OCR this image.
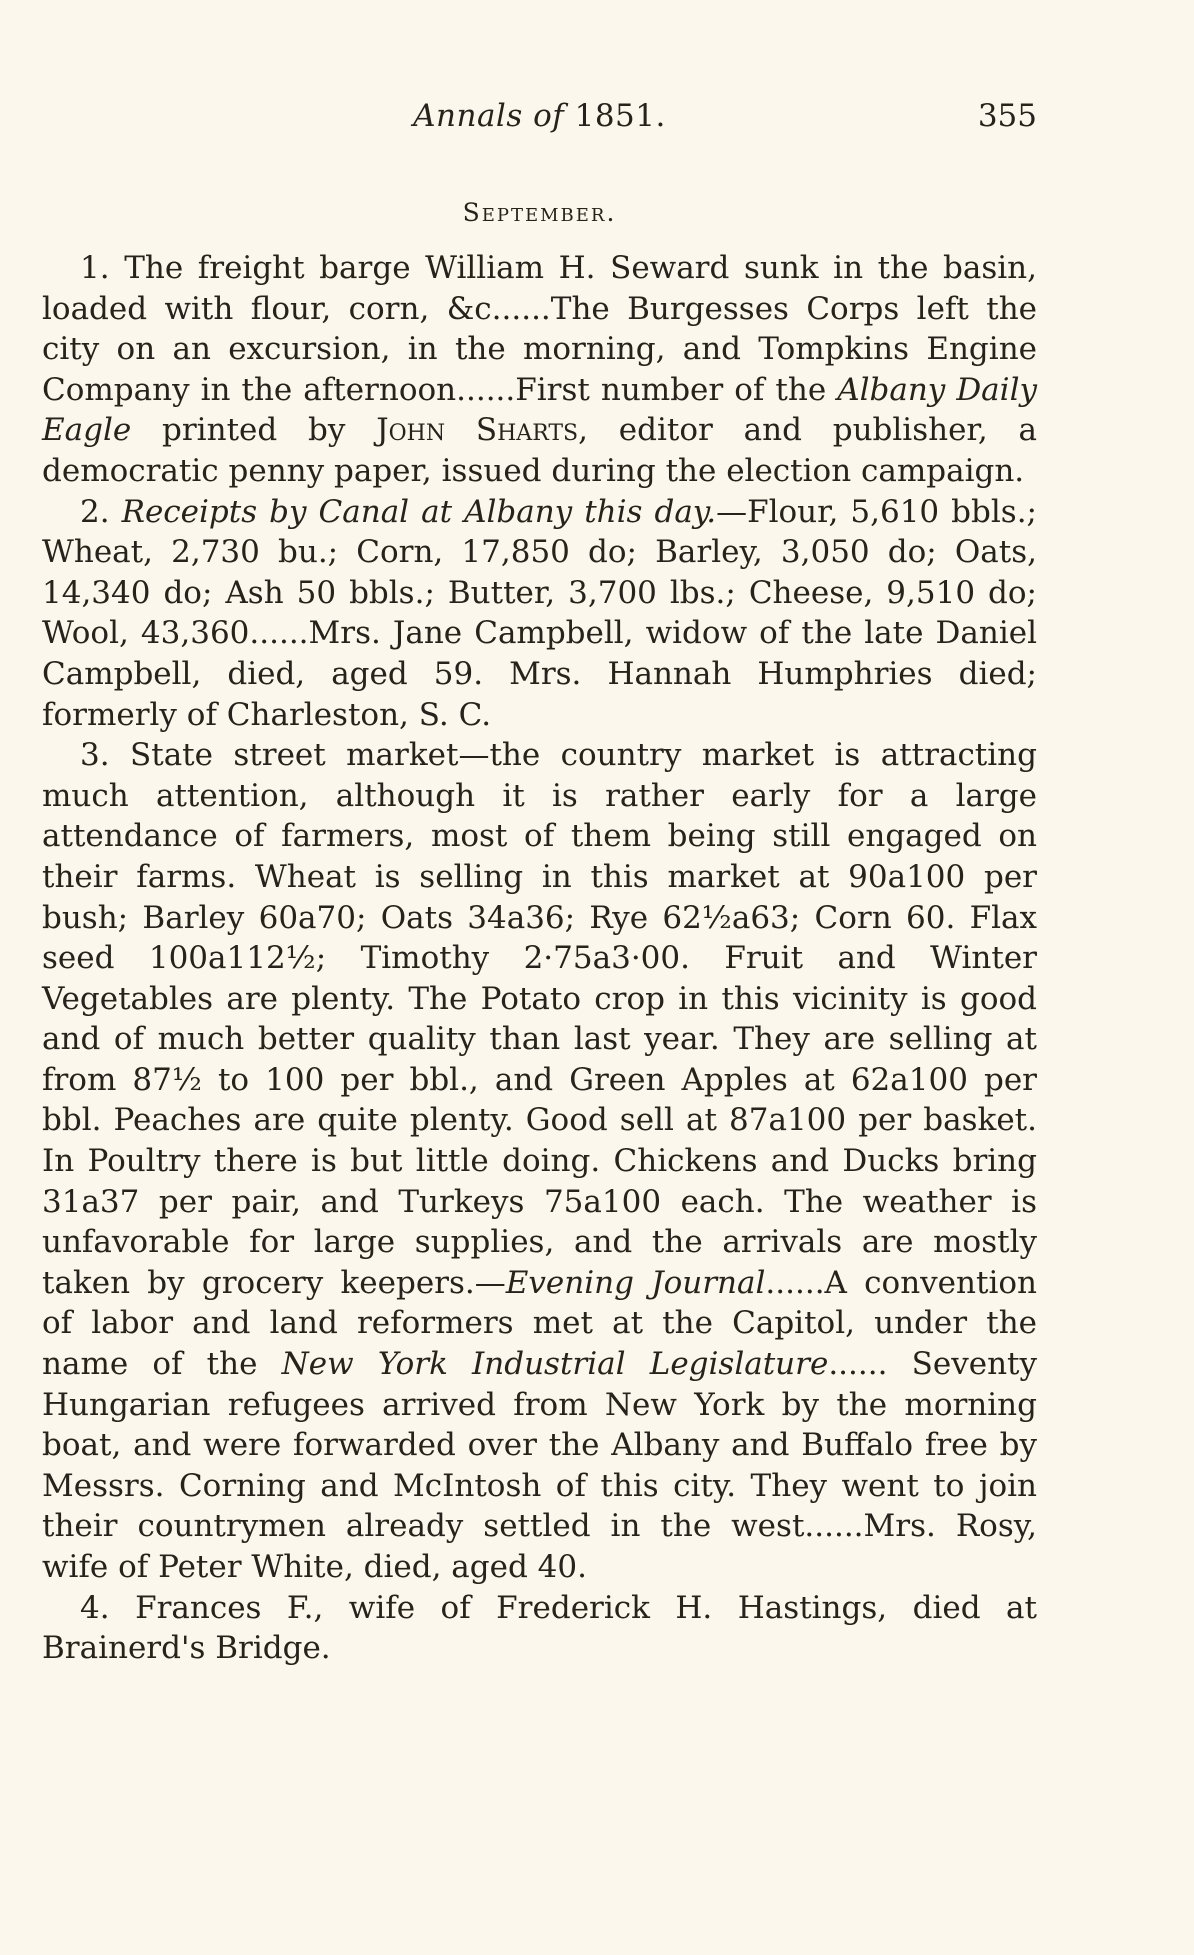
Annals of 1851.	355
September.

1. The freight barge William H. Seward sunk in the basin, loaded with flour, corn, &c......The Burgesses Corps left the city on an excursion, in the morning, and Tompkins Engine Company in the afternoon......First number of the Albany Daily Eagle printed by John Sharts, editor and publisher, a democratic penny paper, issued during the election campaign.

2. Receipts by Canal at Albany this day.—Flour, 5,610 bbls.; Wheat, 2,730 bu.; Corn, 17,850 do; Barley, 3,050 do; Oats, 14,340 do; Ash 50 bbls.; Butter, 3,700 lbs.; Cheese, 9,510 do; Wool, 43,360......Mrs. Jane Campbell, widow of the late Daniel Campbell, died, aged 59. Mrs. Hannah Humphries died; formerly of Charleston, S. C.

3. State street market—the country market is attracting much attention, although it is rather early for a large attendance of farmers, most of them being still engaged on their farms. Wheat is selling in this market at 90a100 per bush; Barley 60a70; Oats 34a36; Rye 62½a63; Corn 60. Flax seed 100a112½; Timothy 2·75a3·00. Fruit and Winter Vegetables are plenty. The Potato crop in this vicinity is good and of much better quality than last year. They are selling at from 87½ to 100 per bbl., and Green Apples at 62a100 per bbl. Peaches are quite plenty. Good sell at 87a100 per basket. In Poultry there is but little doing. Chickens and Ducks bring 31a37 per pair, and Turkeys 75a100 each. The weather is unfavorable for large supplies, and the arrivals are mostly taken by grocery keepers.—Evening Journal......A convention of labor and land reformers met at the Capitol, under the name of the New York Industrial Legislature...... Seventy Hungarian refugees arrived from New York by the morning boat, and were forwarded over the Albany and Buffalo free by Messrs. Corning and McIntosh of this city. They went to join their countrymen already settled in the west......Mrs. Rosy, wife of Peter White, died, aged 40.

4. Frances F., wife of Frederick H. Hastings, died at Brainerd's Bridge.
